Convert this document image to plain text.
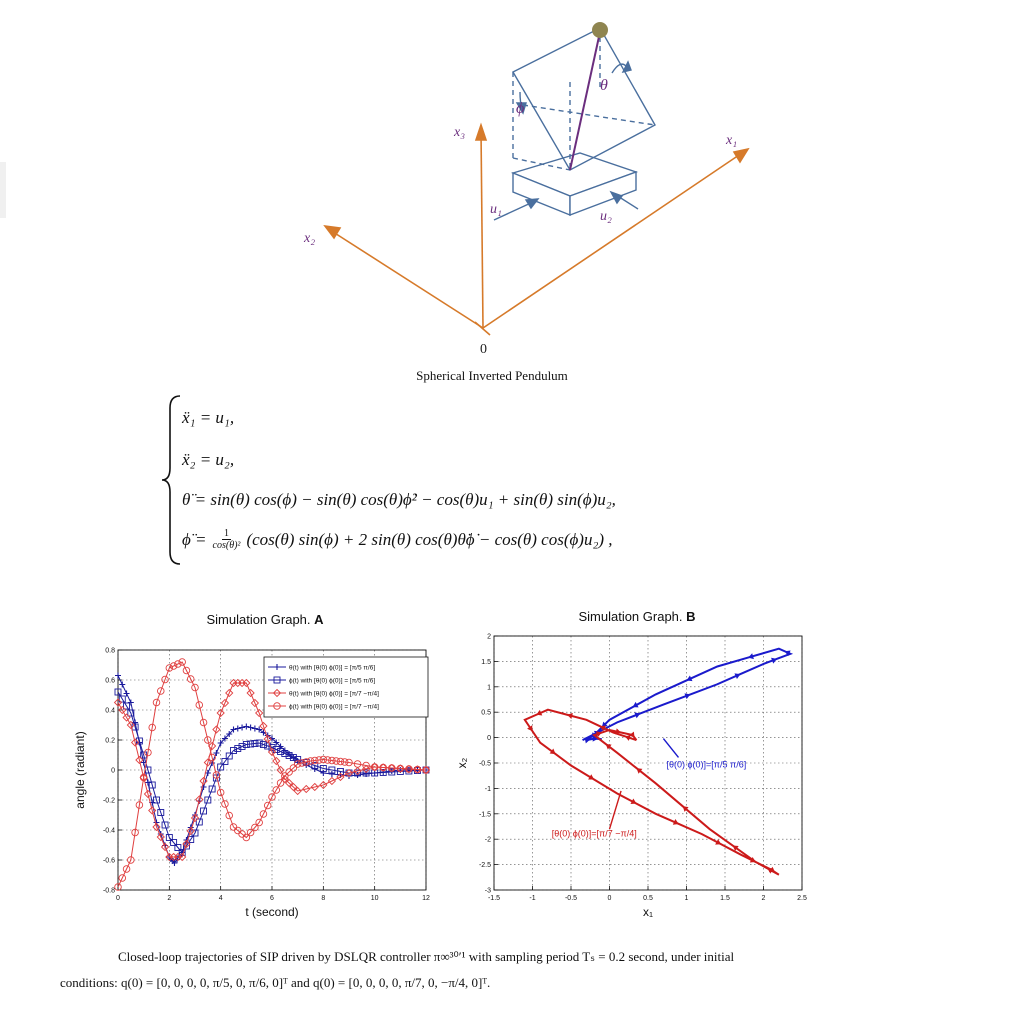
x₃
x₂
x₁
0
θ
ϕ
u₁	u₂
Spherical Inverted Pendulum
ẍ₁ = u₁,
ẍ₂ = u₂,
θ̈ = sin(θ) cos(ϕ) − sin(θ) cos(θ)ϕ̇² − cos(θ)u₁ + sin(θ) sin(ϕ)u₂,
ϕ̈ = $\frac{1}{\text{cos(θ)²}} (\cos(\theta) \sin(\phi) + 2$ sin(θ) cos(θ)θ̇ϕ̇ − cos(θ) cos(ϕ)u₂) ,
Simulation Graph. A	Simulation Graph. B
0	2	4	6	8	10	12
-0.8
-0.6
-0.4
-0.2
0
0.2
0.4
0.6
0.8
t (second)
angle (radiant)
θ(t) with [θ(0) ϕ(0)] = [π/5 π/6]
ϕ(t) with [θ(0) ϕ(0)] = [π/5 π/6]
θ(t) with [θ(0) ϕ(0)] = [π/7 −π/4]
ϕ(t) with [θ(0) ϕ(0)] = [π/7 −π/4]
-1.5	-1	-0.5	0	0.5	1	1.5	2	2.5
-3
-2.5
-2
-1.5
-1
-0.5
0
0.5
1
1.5
2
x₁
x₂	[θ(0) ϕ(0)]=[π/5 π/6]
[θ(0) ϕ(0)]=[π/7 −π/4]
Closed-loop trajectories of SIP driven by DSLQR controller π∞³⁰ʹ¹ with sampling period Tₛ = 0.2 second, under initial
conditions: q(0) = [0, 0, 0, 0, π/5, 0, π/6, 0]ᵀ and q(0) = [0, 0, 0, 0, π/7, 0, −π/4, 0]ᵀ.
